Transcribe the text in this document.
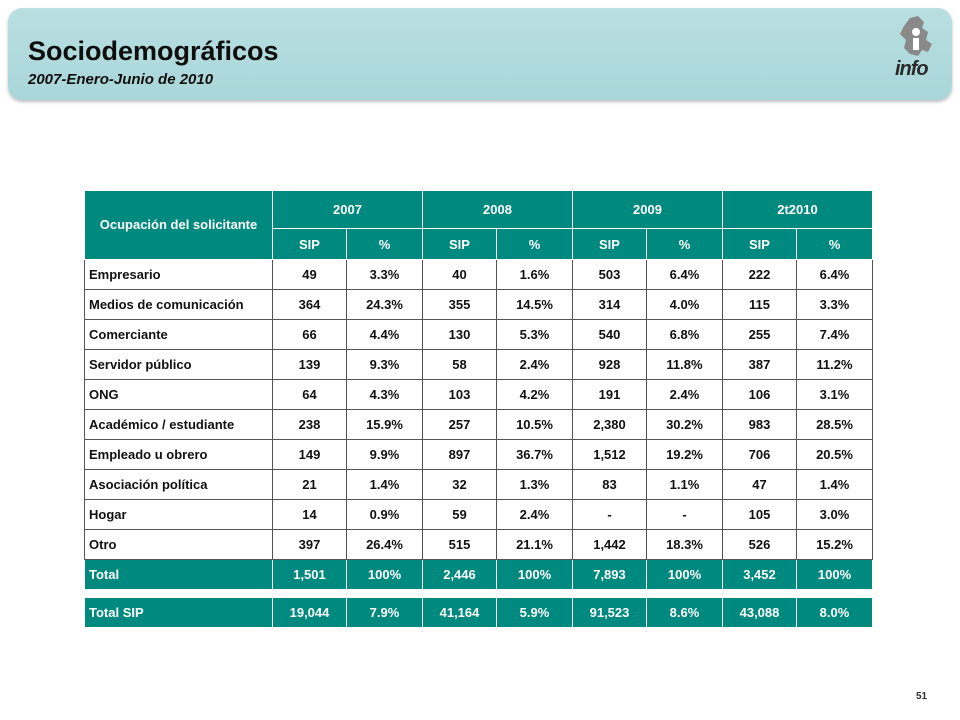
Sociodemográficos
2007-Enero-Junio de 2010	info
Ocupación del solicitante	2007		2008		2009		2t2010	
	SIP	%	SIP	%	SIP	%	SIP	%
Empresario	49	3.3%	40	1.6%	503	6.4%	222	6.4%
Medios de comunicación	364	24.3%	355	14.5%	314	4.0%	115	3.3%
Comerciante	66	4.4%	130	5.3%	540	6.8%	255	7.4%
Servidor público	139	9.3%	58	2.4%	928	11.8%	387	11.2%
ONG	64	4.3%	103	4.2%	191	2.4%	106	3.1%
Académico / estudiante	238	15.9%	257	10.5%	2,380	30.2%	983	28.5%
Empleado u obrero	149	9.9%	897	36.7%	1,512	19.2%	706	20.5%
Asociación política	21	1.4%	32	1.3%	83	1.1%	47	1.4%
Hogar	14	0.9%	59	2.4%	-	-	105	3.0%
Otro	397	26.4%	515	21.1%	1,442	18.3%	526	15.2%
Total	1,501	100%	2,446	100%	7,893	100%	3,452	100%

Total SIP	19,044	7.9%	41,164	5.9%	91,523	8.6%	43,088	8.0%
51
